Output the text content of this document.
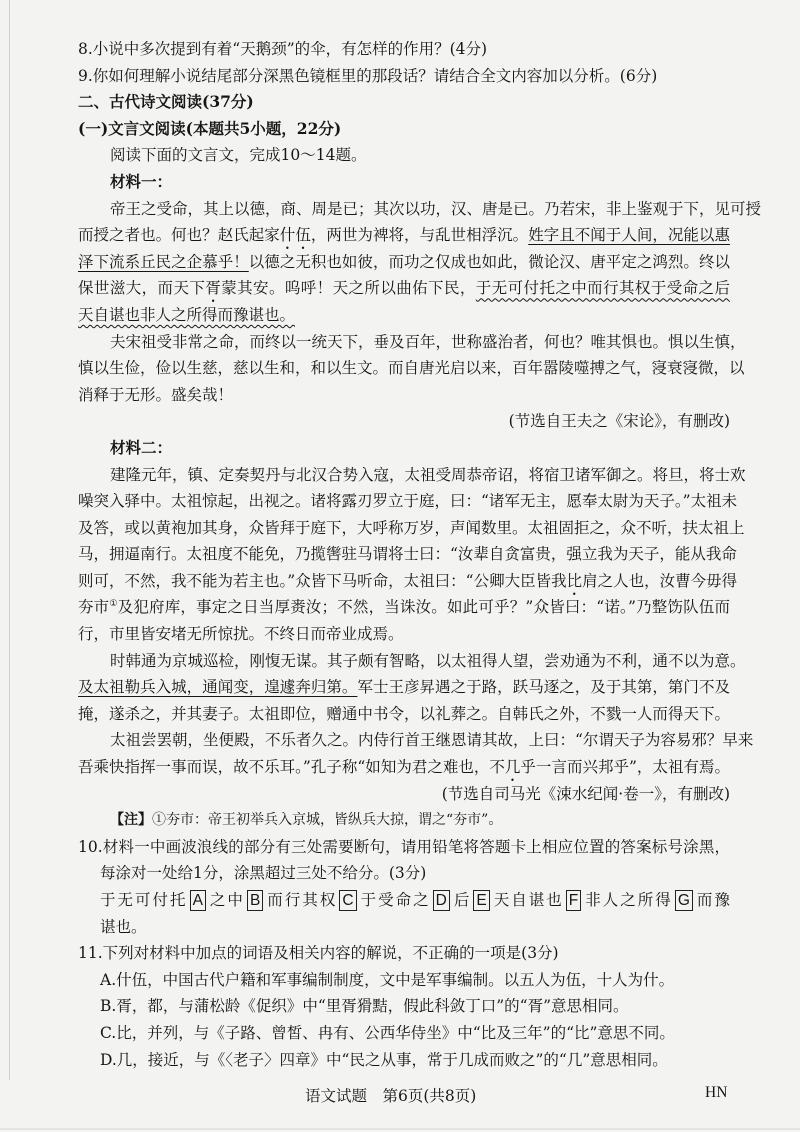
8.小说中多次提到有着“天鹅颈”的伞，有怎样的作用？(4分)
9.你如何理解小说结尾部分深黑色镜框里的那段话？请结合全文内容加以分析。(6分)
二、古代诗文阅读(37分)
(一)文言文阅读(本题共5小题，22分)
阅读下面的文言文，完成10～14题。
材料一：
帝王之受命，其上以德，商、周是已；其次以功，汉、唐是已。乃若宋，非上鉴观于下，见可授
而授之者也。何也？赵氏起家什伍，两世为裨将，与乱世相浮沉。姓字且不闻于人间，况能以惠
泽下流系丘民之企慕乎！以德之无积也如彼，而功之仅成也如此，微论汉、唐平定之鸿烈。终以
保世滋大，而天下胥蒙其安。呜呼！天之所以曲佑下民，于无可付托之中而行其权于受命之后
天自谌也非人之所得而豫谌也。
夫宋祖受非常之命，而终以一统天下，垂及百年，世称盛治者，何也？唯其惧也。惧以生慎，
慎以生俭，俭以生慈，慈以生和，和以生文。而自唐光启以来，百年嚣陵噬搏之气，寖衰寖微，以
消释于无形。盛矣哉！
(节选自王夫之《宋论》，有删改)
材料二：
建隆元年，镇、定奏契丹与北汉合势入寇，太祖受周恭帝诏，将宿卫诸军御之。将旦，将士欢
噪突入驿中。太祖惊起，出视之。诸将露刃罗立于庭，曰：“诸军无主，愿奉太尉为天子。”太祖未
及答，或以黄袍加其身，众皆拜于庭下，大呼称万岁，声闻数里。太祖固拒之，众不听，扶太祖上
马，拥逼南行。太祖度不能免，乃揽辔驻马谓将士曰：“汝辈自贪富贵，强立我为天子，能从我命
则可，不然，我不能为若主也。”众皆下马听命，太祖曰：“公卿大臣皆我比肩之人也，汝曹今毋得
夯市①及犯府库，事定之日当厚赉汝；不然，当诛汝。如此可乎？”众皆曰：“诺。”乃整饬队伍而
行，市里皆安堵无所惊扰。不终日而帝业成焉。
时韩通为京城巡检，刚愎无谋。其子颇有智略，以太祖得人望，尝劝通为不利，通不以为意。
及太祖勒兵入城，通闻变，遑遽奔归第。军士王彦昇遇之于路，跃马逐之，及于其第，第门不及
掩，遂杀之，并其妻子。太祖即位，赠通中书令，以礼葬之。自韩氏之外，不戮一人而得天下。
太祖尝罢朝，坐便殿，不乐者久之。内侍行首王继恩请其故，上曰：“尔谓天子为容易邪？早来
吾乘快指挥一事而误，故不乐耳。”孔子称“如知为君之难也，不几乎一言而兴邦乎”，太祖有焉。
(节选自司马光《涑水纪闻·卷一》，有删改)
【注】①夯市：帝王初举兵入京城，皆纵兵大掠，谓之“夯市”。
10.材料一中画波浪线的部分有三处需要断句，请用铅笔将答题卡上相应位置的答案标号涂黑，
每涂对一处给1分，涂黑超过三处不给分。(3分)
于无可付托 A 之中 B 而行其权 C 于受命之 D 后 E 天自谌也 F 非人之所得 G 而豫
谌也。
11.下列对材料中加点的词语及相关内容的解说，不正确的一项是(3分)
A.什伍，中国古代户籍和军事编制制度，文中是军事编制。以五人为伍，十人为什。
B.胥，都，与蒲松龄《促织》中“里胥猾黠，假此科敛丁口”的“胥”意思相同。
C.比，并列，与《子路、曾皙、冉有、公西华侍坐》中“比及三年”的“比”意思不同。
D.几，接近，与《〈老子〉四章》中“民之从事，常于几成而败之”的“几”意思相同。
语文试题　第6页(共8页)	HN
